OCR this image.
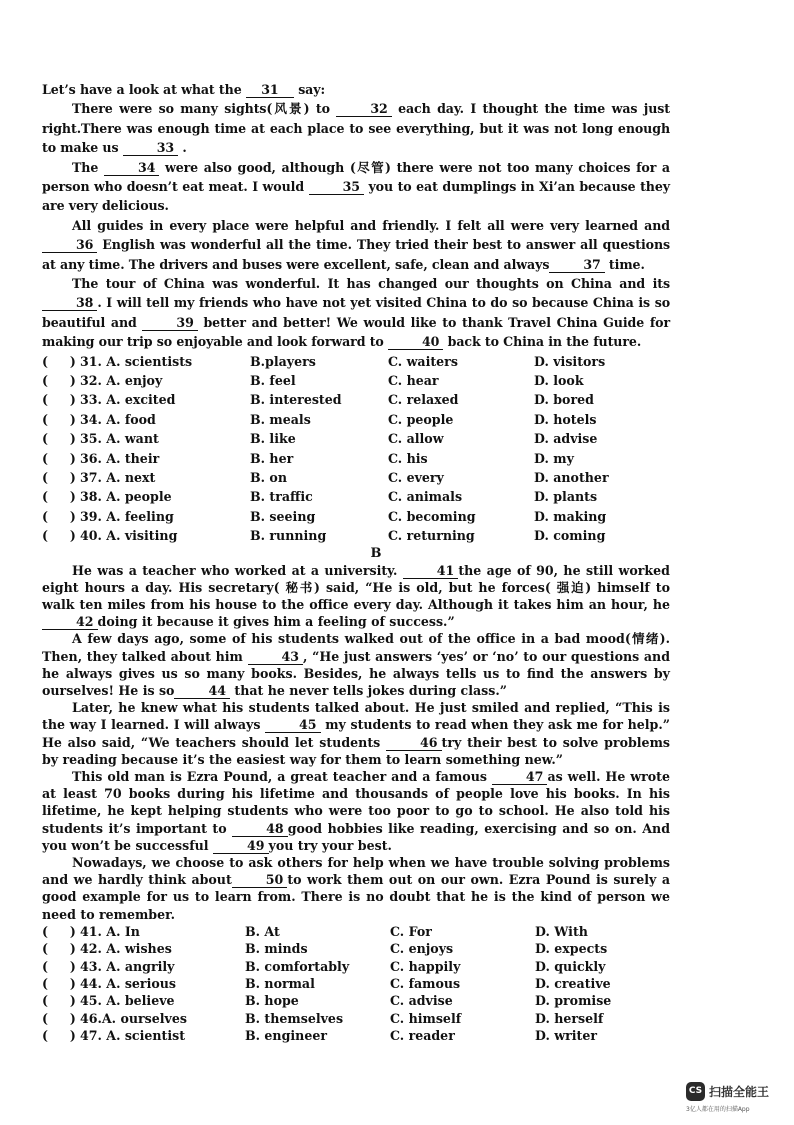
Let’s have a look at what the 31 say:

There were so many sights(风景) to	32 each day. I thought the time was just right.There was enough time at each place to see everything, but it was not long enough to make us	33 .

The	34 were also good, although (尽管) there were not too many choices for a person who doesn’t eat meat. I would	35 you to eat dumplings in Xi’an because they are very delicious.

All guides in every place were helpful and friendly. I felt all were very learned and 36 English was wonderful all the time. They tried their best to answer all questions at any time. The drivers and buses were excellent, safe, clean and always	37 time.

The tour of China was wonderful. It has changed our thoughts on China and its 38 . I will tell my friends who have not yet visited China to do so because China is so beautiful and	39 better and better! We would like to thank Travel China Guide for making our trip so enjoyable and look forward to	40 back to China in the future.

(     ) 31. A. scientists	B.players	C. waiters	D. visitors
(     ) 32. A. enjoy	B. feel	C. hear	D. look
(     ) 33. A. excited	B. interested	C. relaxed	D. bored
(     ) 34. A. food	B. meals	C. people	D. hotels
(     ) 35. A. want	B. like	C. allow	D. advise
(     ) 36. A. their	B. her	C. his	D. my
(     ) 37. A. next	B. on	C. every	D. another
(     ) 38. A. people	B. traffic	C. animals	D. plants
(     ) 39. A. feeling	B. seeing	C. becoming	D. making
(     ) 40. A. visiting	B. running	C. returning	D. coming
B

He was a teacher who worked at a university.	41 the age of 90, he still worked eight hours a day. His secretary( 秘书) said, “He is old, but he forces( 强迫) himself to walk ten miles from his house to the office every day. Although it takes him an hour, he42 doing it because it gives him a feeling of success.”

A few days ago, some of his students walked out of the office in a bad mood(情绪). Then, they talked about him	43 , “He just answers ‘yes’ or ‘no’ to our questions and he always gives us so many books. Besides, he always tells us to find the answers by ourselves! He is so	44 that he never tells jokes during class.”

Later, he knew what his students talked about. He just smiled and replied, “This is the way I learned. I will always	45 my students to read when they ask me for help.” He also said, “We teachers should let students	46 try their best to solve problems by reading because it’s the easiest way for them to learn something new.”

This old man is Ezra Pound, a great teacher and a famous	47 as well. He wrote at least 70 books during his lifetime and thousands of people love his books. In his lifetime, he kept helping students who were too poor to go to school. He also told his students it’s important to	48 good hobbies like reading, exercising and so on. And you won’t be successful	49 you try your best.

Nowadays, we choose to ask others for help when we have trouble solving problems and we hardly think about	50 to work them out on our own. Ezra Pound is surely a good example for us to learn from. There is no doubt that he is the kind of person we need to remember.

(     ) 41. A. In	B. At	C. For	D. With
(     ) 42. A. wishes	B. minds	C. enjoys	D. expects
(     ) 43. A. angrily	B. comfortably	C. happily	D. quickly
(     ) 44. A. serious	B. normal	C. famous	D. creative
(     ) 45. A. believe	B. hope	C. advise	D. promise
(     ) 46.A. ourselves	B. themselves	C. himself	D. herself
(     ) 47. A. scientist	B. engineer	C. reader	D. writer
CS 扫描全能王
3亿人都在用的扫描App
